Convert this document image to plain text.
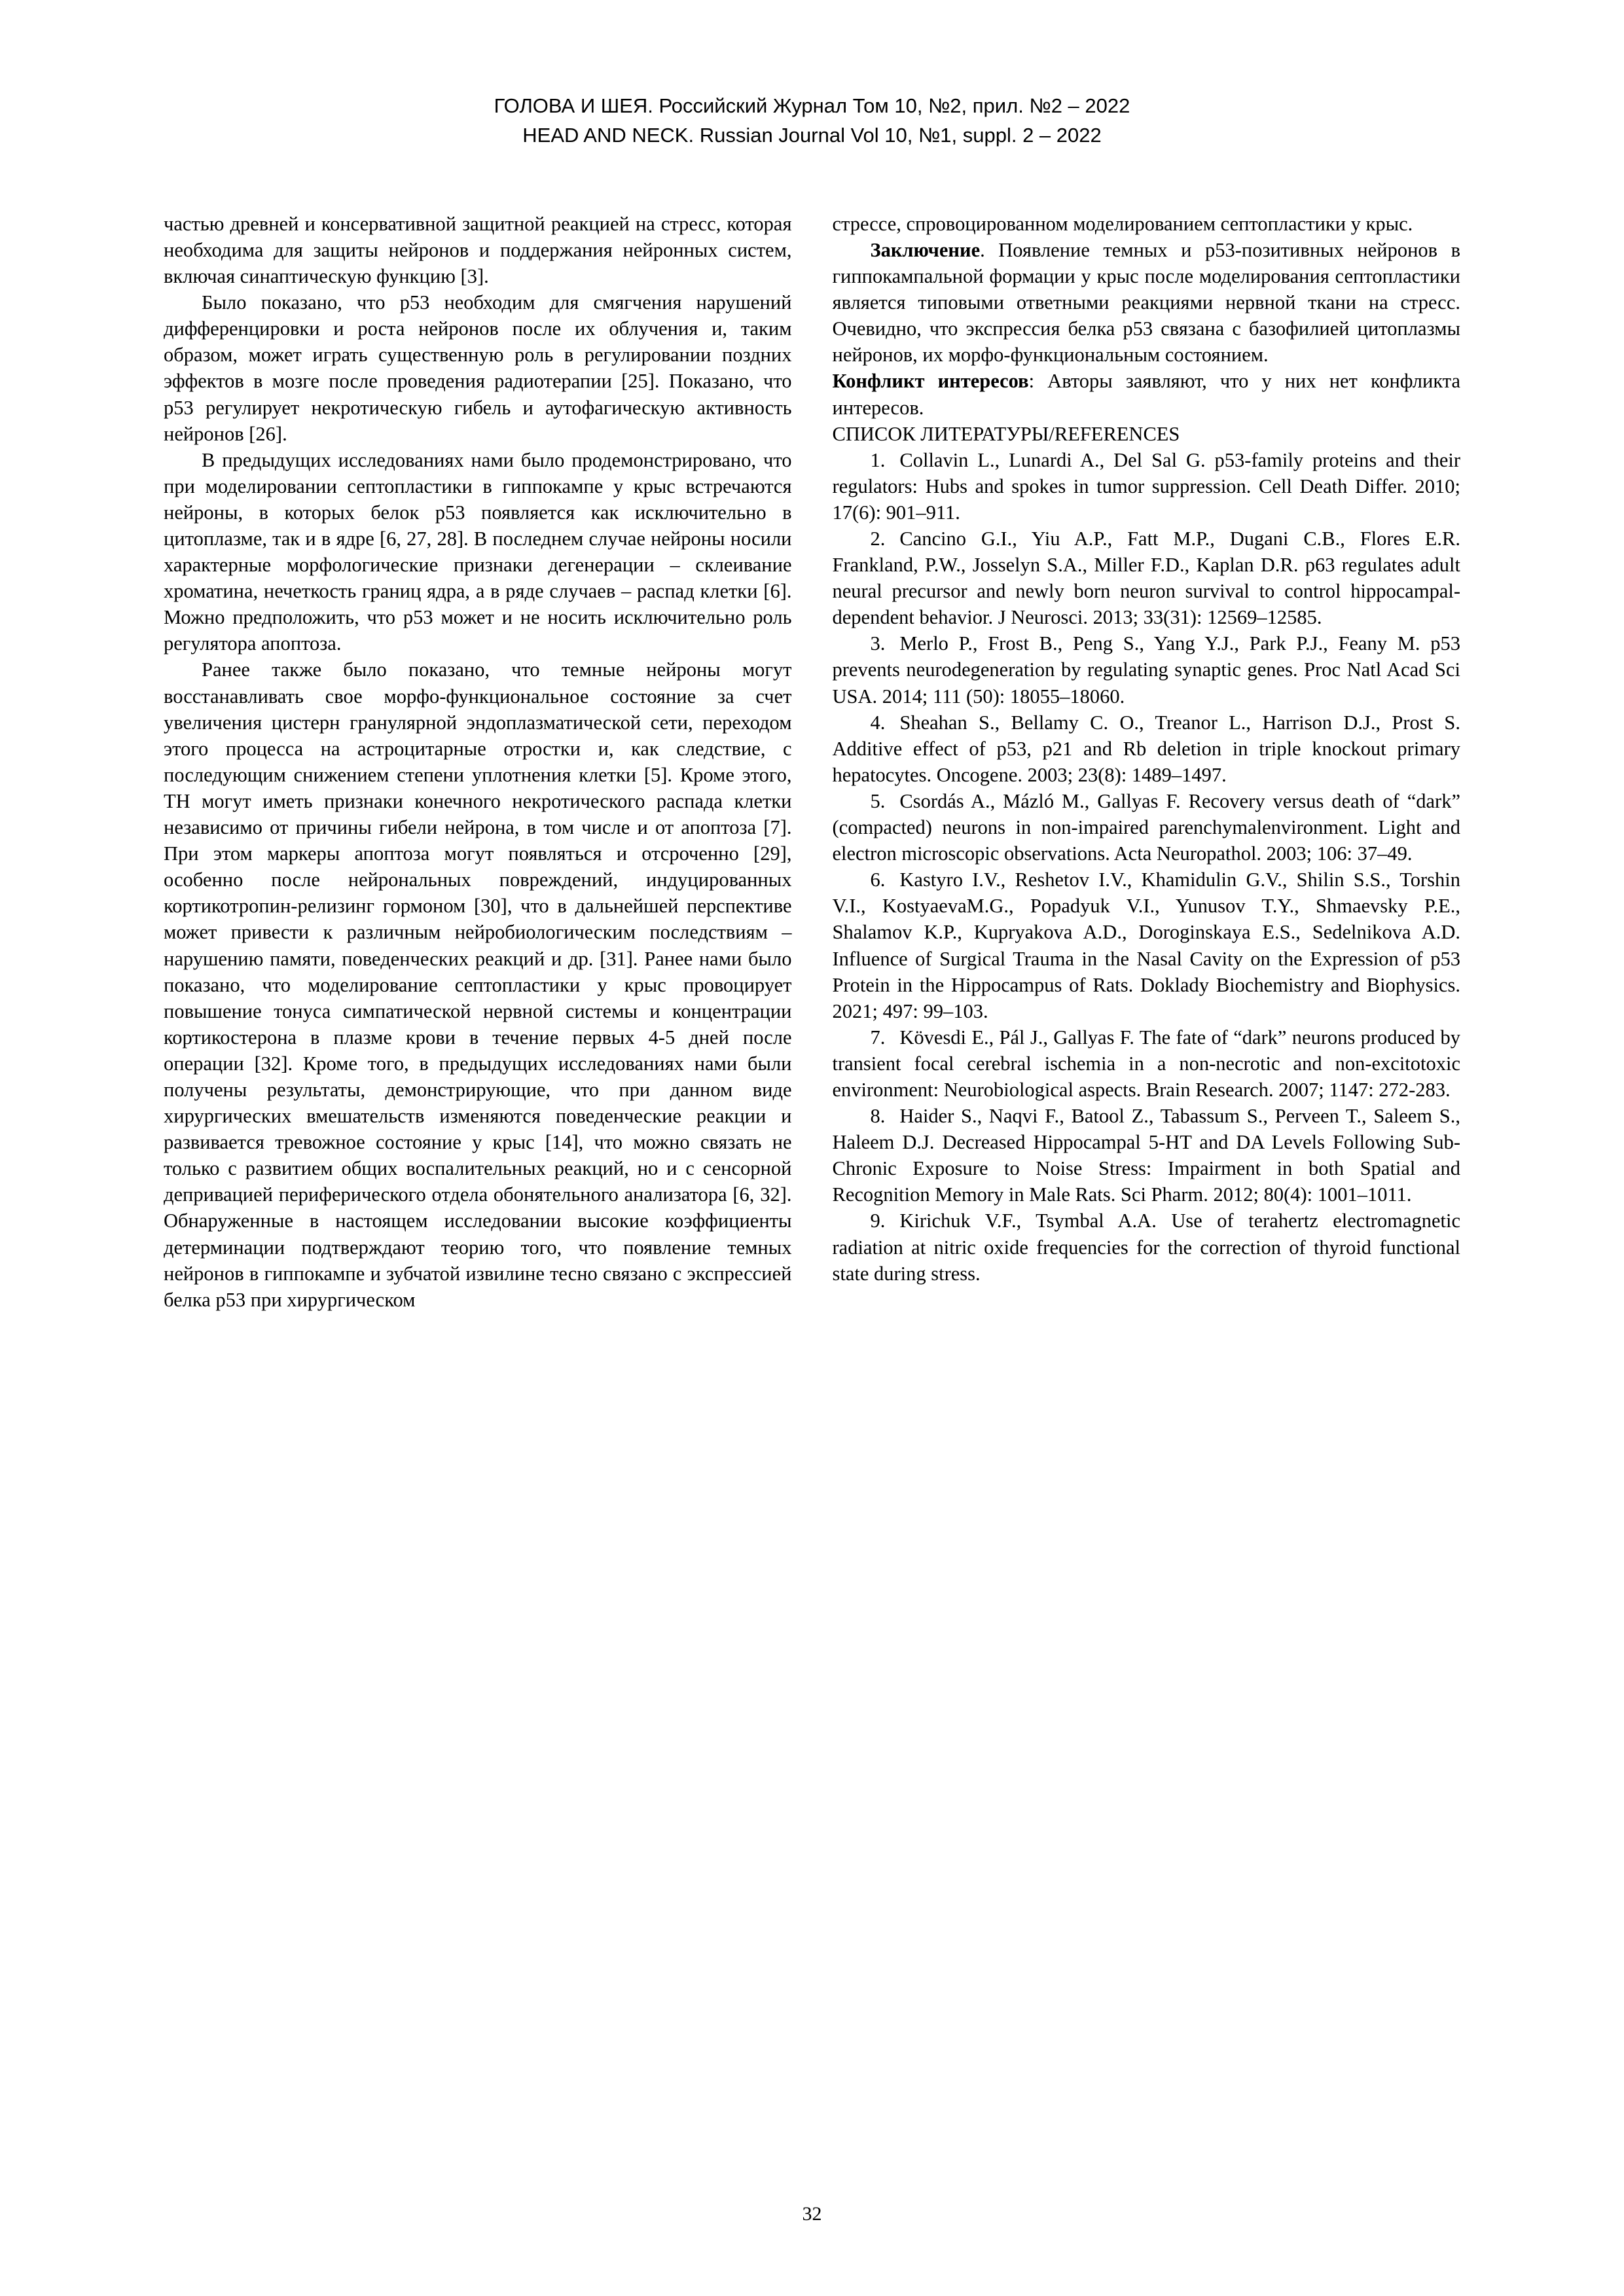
ГОЛОВА И ШЕЯ. Российский Журнал Том 10, №2, прил. №2 – 2022
HEAD AND NECK. Russian Journal Vol 10, №1, suppl. 2 – 2022

частью древней и консервативной защитной реакцией на стресс, которая необходима для защиты нейронов и поддержания нейронных систем, включая синаптическую функцию [3].

Было показано, что p53 необходим для смягчения нарушений дифференцировки и роста нейронов после их облучения и, таким образом, может играть существенную роль в регулировании поздних эффектов в мозге после проведения радиотерапии [25]. Показано, что p53 регулирует некротическую гибель и аутофагическую активность нейронов [26].

В предыдущих исследованиях нами было продемонстрировано, что при моделировании септопластики в гиппокампе у крыс встречаются нейроны, в которых белок p53 появляется как исключительно в цитоплазме, так и в ядре [6, 27, 28]. В последнем случае нейроны носили характерные морфологические признаки дегенерации – склеивание хроматина, нечеткость границ ядра, а в ряде случаев – распад клетки [6]. Можно предположить, что p53 может и не носить исключительно роль регулятора апоптоза.

Ранее также было показано, что темные нейроны могут восстанавливать свое морфо-функциональное состояние за счет увеличения цистерн гранулярной эндоплазматической сети, переходом этого процесса на астроцитарные отростки и, как следствие, с последующим снижением степени уплотнения клетки [5]. Кроме этого, ТН могут иметь признаки конечного некротического распада клетки независимо от причины гибели нейрона, в том числе и от апоптоза [7]. При этом маркеры апоптоза могут появляться и отсроченно [29], особенно после нейрональных повреждений, индуцированных кортикотропин-релизинг гормоном [30], что в дальнейшей перспективе может привести к различным нейробиологическим последствиям – нарушению памяти, поведенческих реакций и др. [31]. Ранее нами было показано, что моделирование септопластики у крыс провоцирует повышение тонуса симпатической нервной системы и концентрации кортикостерона в плазме крови в течение первых 4-5 дней после операции [32]. Кроме того, в предыдущих исследованиях нами были получены результаты, демонстрирующие, что при данном виде хирургических вмешательств изменяются поведенческие реакции и развивается тревожное состояние у крыс [14], что можно связать не только с развитием общих воспалительных реакций, но и с сенсорной депривацией периферического отдела обонятельного анализатора [6, 32]. Обнаруженные в настоящем исследовании высокие коэффициенты детерминации подтверждают теорию того, что появление темных нейронов в гиппокампе и зубчатой извилине тесно связано с экспрессией белка p53 при хирургическом

стрессе, спровоцированном моделированием септопластики у крыс.

Заключение. Появление темных и p53-позитивных нейронов в гиппокампальной формации у крыс после моделирования септопластики является типовыми ответными реакциями нервной ткани на стресс. Очевидно, что экспрессия белка p53 связана с базофилией цитоплазмы нейронов, их морфо-функциональным состоянием.

Конфликт интересов: Авторы заявляют, что у них нет конфликта интересов.

СПИСОК ЛИТЕРАТУРЫ/REFERENCES

1. Collavin L., Lunardi A., Del Sal G. p53-family proteins and their regulators: Hubs and spokes in tumor suppression. Cell Death Differ. 2010; 17(6): 901–911.

2. Cancino G.I., Yiu A.P., Fatt M.P., Dugani C.B., Flores E.R. Frankland, P.W., Josselyn S.A., Miller F.D., Kaplan D.R. p63 regulates adult neural precursor and newly born neuron survival to control hippocampal-dependent behavior. J Neurosci. 2013; 33(31): 12569–12585.

3. Merlo P., Frost B., Peng S., Yang Y.J., Park P.J., Feany M. p53 prevents neurodegeneration by regulating synaptic genes. Proc Natl Acad Sci USA. 2014; 111 (50): 18055–18060.

4. Sheahan S., Bellamy C. O., Treanor L., Harrison D.J., Prost S. Additive effect of p53, p21 and Rb deletion in triple knockout primary hepatocytes. Oncogene. 2003; 23(8): 1489–1497.

5. Csordás A., Mázló M., Gallyas F. Recovery versus death of “dark” (compacted) neurons in non-impaired parenchymalenvironment. Light and electron microscopic observations. Acta Neuropathol. 2003; 106: 37–49.

6. Kastyro I.V., Reshetov I.V., Khamidulin G.V., Shilin S.S., Torshin V.I., KostyaevaM.G., Popadyuk V.I., Yunusov T.Y., Shmaevsky P.E., Shalamov K.P., Kupryakova A.D., Doroginskaya E.S., Sedelnikova A.D. Influence of Surgical Trauma in the Nasal Cavity on the Expression of p53 Protein in the Hippocampus of Rats. Doklady Biochemistry and Biophysics. 2021; 497: 99–103.

7. Kövesdi E., Pál J., Gallyas F. The fate of “dark” neurons produced by transient focal cerebral ischemia in a non-necrotic and non-excitotoxic environment: Neurobiological aspects. Brain Research. 2007; 1147: 272-283.

8. Haider S., Naqvi F., Batool Z., Tabassum S., Perveen T., Saleem S., Haleem D.J. Decreased Hippocampal 5-HT and DA Levels Following Sub-Chronic Exposure to Noise Stress: Impairment in both Spatial and Recognition Memory in Male Rats. Sci Pharm. 2012; 80(4): 1001–1011.

9. Kirichuk V.F., Tsymbal A.A. Use of terahertz electromagnetic radiation at nitric oxide frequencies for the correction of thyroid functional state during stress.

32
